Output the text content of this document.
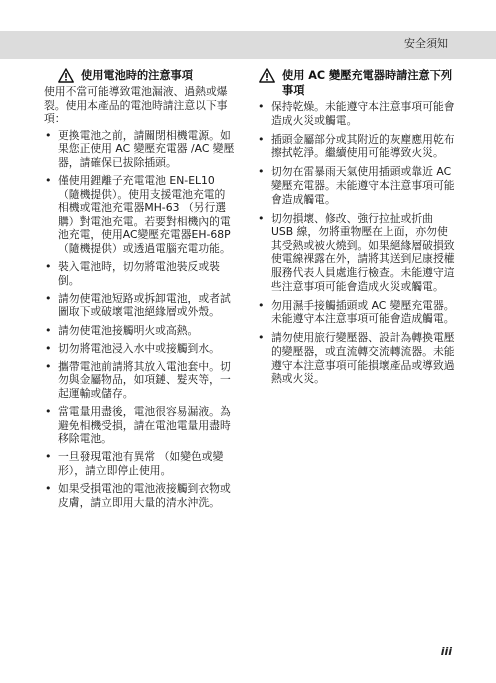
安全須知
使用電池時的注意事項

使用不當可能導致電池漏液、過熱或爆裂。使用本產品的電池時請注意以下事項：

• 更換電池之前，請關閉相機電源。如果您正使用 AC 變壓充電器 /AC 變壓器，請確保已拔除插頭。
• 僅使用鋰離子充電電池 EN-EL10（隨機提供）。使用支援電池充電的相機或電池充電器MH-63 （另行選購）對電池充電。若要對相機內的電池充電，使用AC變壓充電器EH-68P （隨機提供）或透過電腦充電功能。
• 裝入電池時，切勿將電池裝反或裝倒。
• 請勿使電池短路或拆卸電池，或者試圖取下或破壞電池絕緣層或外殼。
• 請勿使電池接觸明火或高熱。
• 切勿將電池浸入水中或接觸到水。
• 攜帶電池前請將其放入電池套中。切勿與金屬物品，如項鏈、髮夾等，一起運輸或儲存。
• 當電量用盡後，電池很容易漏液。為避免相機受損，請在電池電量用盡時移除電池。
• 一旦發現電池有異常 （如變色或變形），請立即停止使用。
• 如果受損電池的電池液接觸到衣物或皮膚，請立即用大量的清水沖洗。
使用 AC 變壓充電器時請注意下列事項
• 保持乾燥。未能遵守本注意事項可能會造成火災或觸電。
• 插頭金屬部分或其附近的灰塵應用乾布擦拭乾淨。繼續使用可能導致火災。
• 切勿在雷暴雨天氣使用插頭或靠近 AC 變壓充電器。未能遵守本注意事項可能會造成觸電。
• 切勿損壞、修改、強行拉扯或折曲 USB 線，勿將重物壓在上面，亦勿使其受熱或被火燒到。如果絕緣層破損致使電線裸露在外，請將其送到尼康授權服務代表人員處進行檢查。未能遵守這些注意事項可能會造成火災或觸電。
• 勿用濕手接觸插頭或 AC 變壓充電器。未能遵守本注意事項可能會造成觸電。
• 請勿使用旅行變壓器、設計為轉換電壓的變壓器，或直流轉交流轉流器。未能遵守本注意事項可能損壞產品或導致過熱或火災。
iii
